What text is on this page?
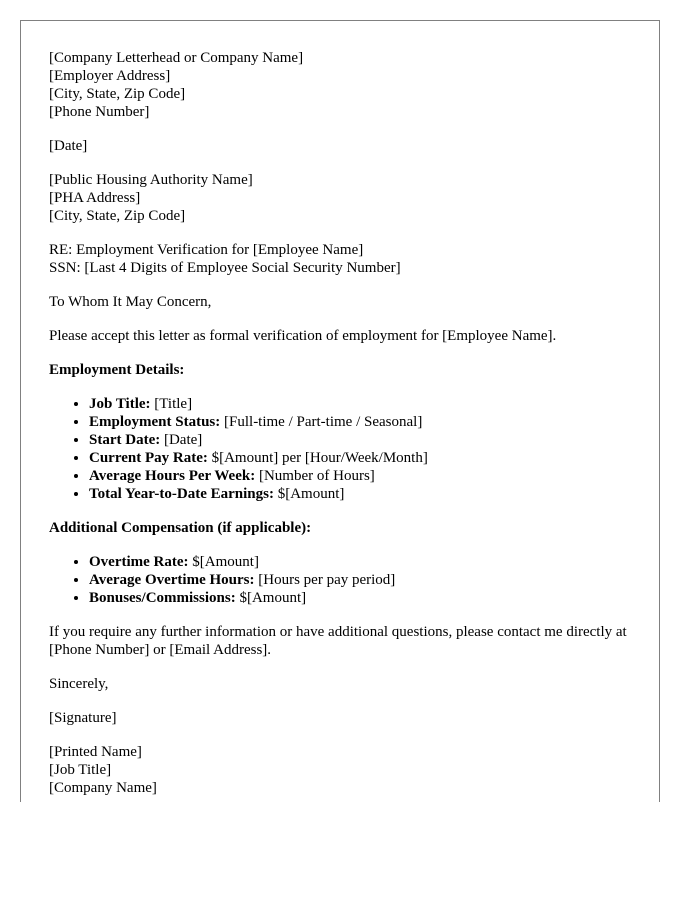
[Company Letterhead or Company Name]
[Employer Address]
[City, State, Zip Code]
[Phone Number]
[Date]
[Public Housing Authority Name]
[PHA Address]
[City, State, Zip Code]
RE: Employment Verification for [Employee Name]
SSN: [Last 4 Digits of Employee Social Security Number]
To Whom It May Concern,
Please accept this letter as formal verification of employment for [Employee Name].
Employment Details:
• Job Title: [Title]
• Employment Status: [Full-time / Part-time / Seasonal]
• Start Date: [Date]
• Current Pay Rate: $[Amount] per [Hour/Week/Month]
• Average Hours Per Week: [Number of Hours]
• Total Year-to-Date Earnings: $[Amount]
Additional Compensation (if applicable):
• Overtime Rate: $[Amount]
• Average Overtime Hours: [Hours per pay period]
• Bonuses/Commissions: $[Amount]
If you require any further information or have additional questions, please contact me directly at [Phone Number] or [Email Address].
Sincerely,
[Signature]
[Printed Name]
[Job Title]
[Company Name]
